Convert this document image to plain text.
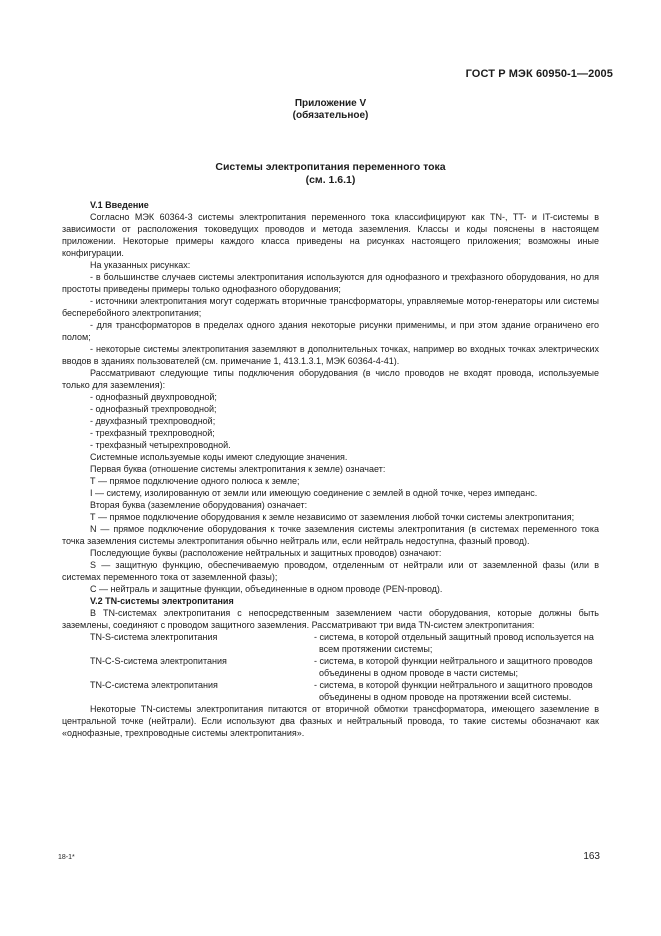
ГОСТ Р МЭК 60950-1—2005
Приложение V
(обязательное)
Системы электропитания переменного тока
(см. 1.6.1)

V.1 Введение

Согласно МЭК 60364-3 системы электропитания переменного тока классифицируют как TN-, TT- и IT-системы в зависимости от расположения токоведущих проводов и метода заземления. Классы и коды пояснены в настоящем приложении. Некоторые примеры каждого класса приведены на рисунках настоящего приложения; возможны иные конфигурации.

На указанных рисунках:

- в большинстве случаев системы электропитания используются для однофазного и трехфазного оборудования, но для простоты приведены примеры только однофазного оборудования;

- источники электропитания могут содержать вторичные трансформаторы, управляемые мотор-генераторы или системы бесперебойного электропитания;

- для трансформаторов в пределах одного здания некоторые рисунки применимы, и при этом здание ограничено его полом;

- некоторые системы электропитания заземляют в дополнительных точках, например во входных точках электрических вводов в зданиях пользователей (см. примечание 1, 413.1.3.1, МЭК 60364-4-41).

Рассматривают следующие типы подключения оборудования (в число проводов не входят провода, используемые только для заземления):

- однофазный двухпроводной;

- однофазный трехпроводной;

- двухфазный трехпроводной;

- трехфазный трехпроводной;

- трехфазный четырехпроводной.

Системные используемые коды имеют следующие значения.

Первая буква (отношение системы электропитания к земле) означает:

Т — прямое подключение одного полюса к земле;

I — систему, изолированную от земли или имеющую соединение с землей в одной точке, через импеданс.

Вторая буква (заземление оборудования) означает:

Т — прямое подключение оборудования к земле независимо от заземления любой точки системы электропитания;

N — прямое подключение оборудования к точке заземления системы электропитания (в системах переменного тока точка заземления системы электропитания обычно нейтраль или, если нейтраль недоступна, фазный провод).

Последующие буквы (расположение нейтральных и защитных проводов) означают:

S — защитную функцию, обеспечиваемую проводом, отделенным от нейтрали или от заземленной фазы (или в системах переменного тока от заземленной фазы);

С — нейтраль и защитные функции, объединенные в одном проводе (PEN-провод).

V.2 TN-системы электропитания

В TN-системах электропитания с непосредственным заземлением части оборудования, которые должны быть заземлены, соединяют с проводом защитного заземления. Рассматривают три вида TN-систем электропитания:

TN-S-система электропитания	- система, в которой отдельный защитный провод используется на
всем протяжении системы;
TN-C-S-система электропитания	- система, в которой функции нейтрального и защитного проводов
объединены в одном проводе в части системы;
TN-C-система электропитания	- система, в которой функции нейтрального и защитного проводов
объединены в одном проводе на протяжении всей системы.

Некоторые TN-системы электропитания питаются от вторичной обмотки трансформатора, имеющего заземление в центральной точке (нейтрали). Если используют два фазных и нейтральный провода, то такие системы обозначают как «однофазные, трехпроводные системы электропитания».

18-1*	163
